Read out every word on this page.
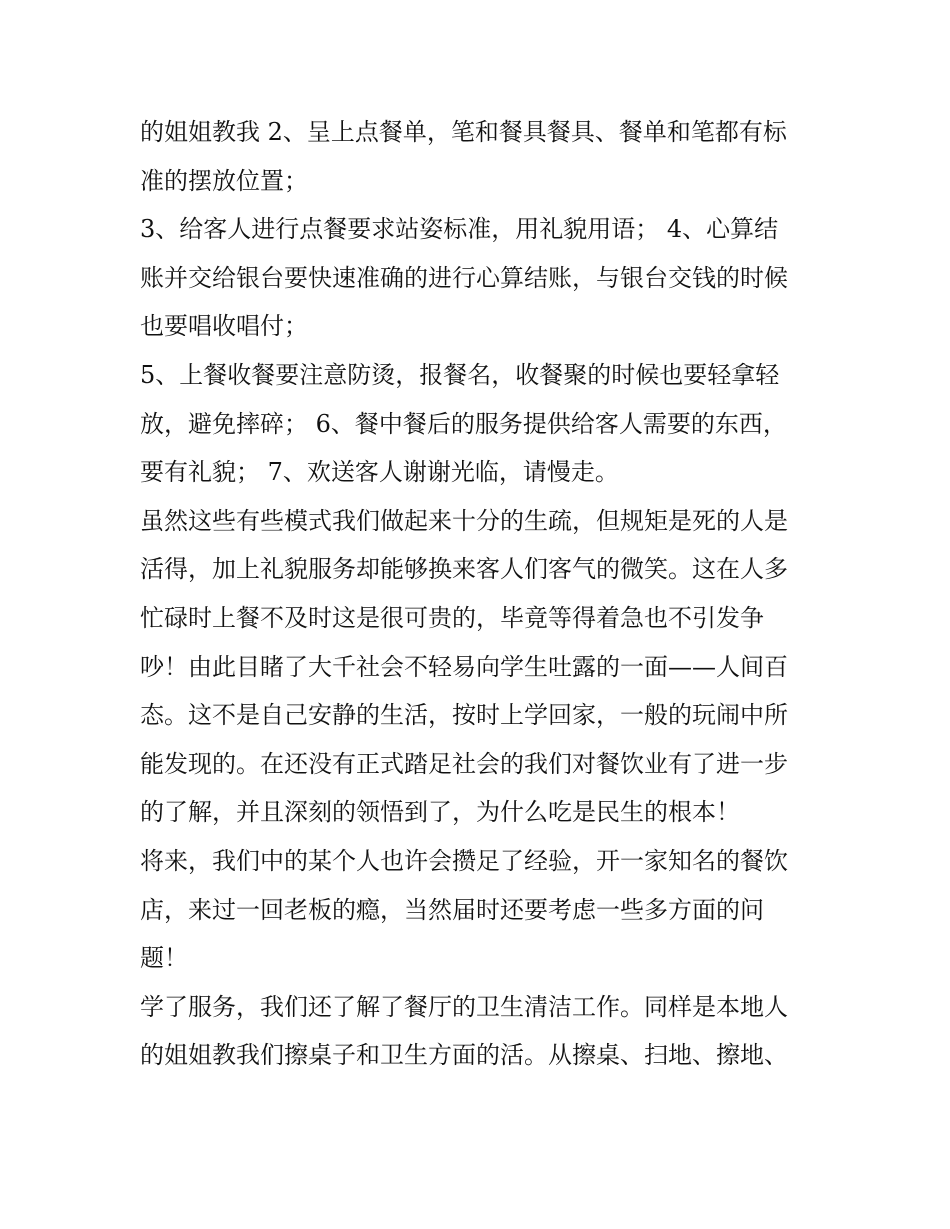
的姐姐教我 2、呈上点餐单，笔和餐具餐具、餐单和笔都有标
准的摆放位置；
3、给客人进行点餐要求站姿标准，用礼貌用语； 4、心算结
账并交给银台要快速准确的进行心算结账，与银台交钱的时候
也要唱收唱付；
5、上餐收餐要注意防烫，报餐名，收餐聚的时候也要轻拿轻
放，避免摔碎； 6、餐中餐后的服务提供给客人需要的东西，
要有礼貌； 7、欢送客人谢谢光临，请慢走。
虽然这些有些模式我们做起来十分的生疏，但规矩是死的人是
活得，加上礼貌服务却能够换来客人们客气的微笑。这在人多
忙碌时上餐不及时这是很可贵的，毕竟等得着急也不引发争
吵！由此目睹了大千社会不轻易向学生吐露的一面——人间百
态。这不是自己安静的生活，按时上学回家，一般的玩闹中所
能发现的。在还没有正式踏足社会的我们对餐饮业有了进一步
的了解，并且深刻的领悟到了，为什么吃是民生的根本！
将来，我们中的某个人也许会攒足了经验，开一家知名的餐饮
店，来过一回老板的瘾，当然届时还要考虑一些多方面的问
题！
学了服务，我们还了解了餐厅的卫生清洁工作。同样是本地人
的姐姐教我们擦桌子和卫生方面的活。从擦桌、扫地、擦地、
